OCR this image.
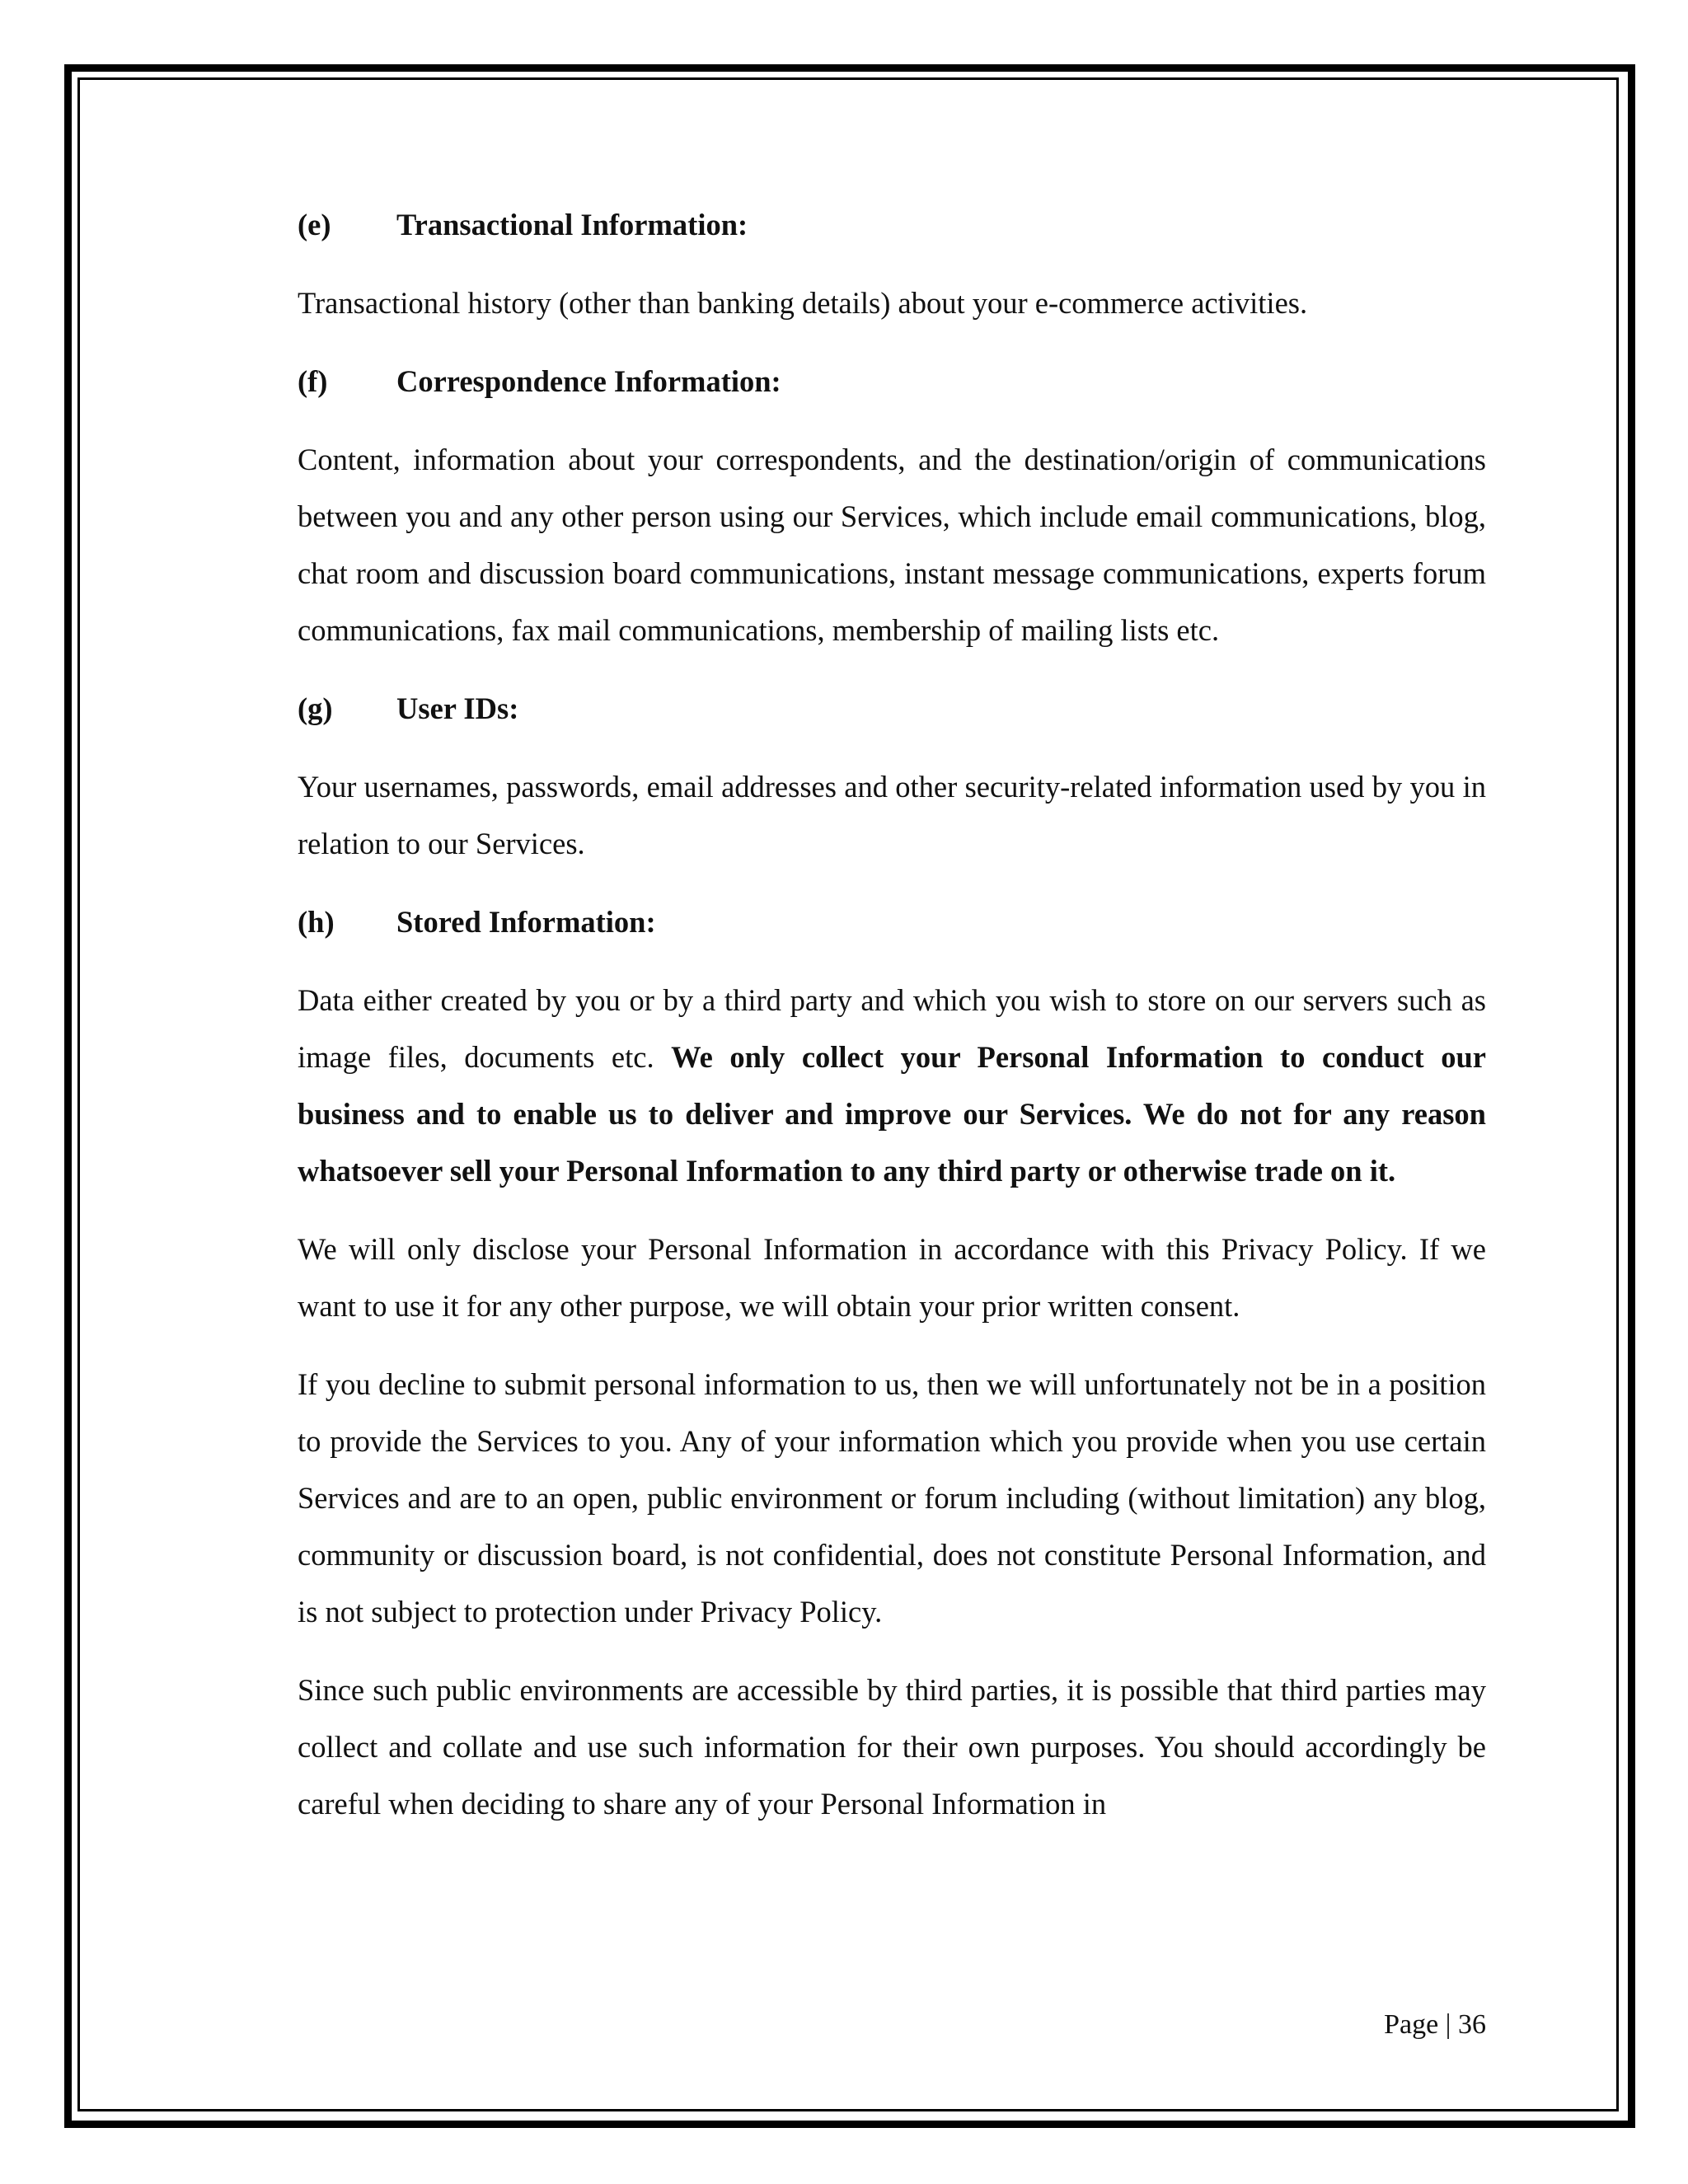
(e)	Transactional Information:

Transactional history (other than banking details) about your e-commerce activities.

(f)	Correspondence Information:

Content, information about your correspondents, and the destination/origin of communications between you and any other person using our Services, which include email communications, blog, chat room and discussion board communications, instant message communications, experts forum communications, fax mail communications, membership of mailing lists etc.

(g)	User IDs:

Your usernames, passwords, email addresses and other security-related information used by you in relation to our Services.

(h)	Stored Information:

Data either created by you or by a third party and which you wish to store on our servers such as image files, documents etc. We only collect your Personal Information to conduct our business and to enable us to deliver and improve our Services. We do not for any reason whatsoever sell your Personal Information to any third party or otherwise trade on it.

We will only disclose your Personal Information in accordance with this Privacy Policy. If we want to use it for any other purpose, we will obtain your prior written consent.

If you decline to submit personal information to us, then we will unfortunately not be in a position to provide the Services to you. Any of your information which you provide when you use certain Services and are to an open, public environment or forum including (without limitation) any blog, community or discussion board, is not confidential, does not constitute Personal Information, and is not subject to protection under Privacy Policy.

Since such public environments are accessible by third parties, it is possible that third parties may collect and collate and use such information for their own purposes. You should accordingly be careful when deciding to share any of your Personal Information in

Page | 36
